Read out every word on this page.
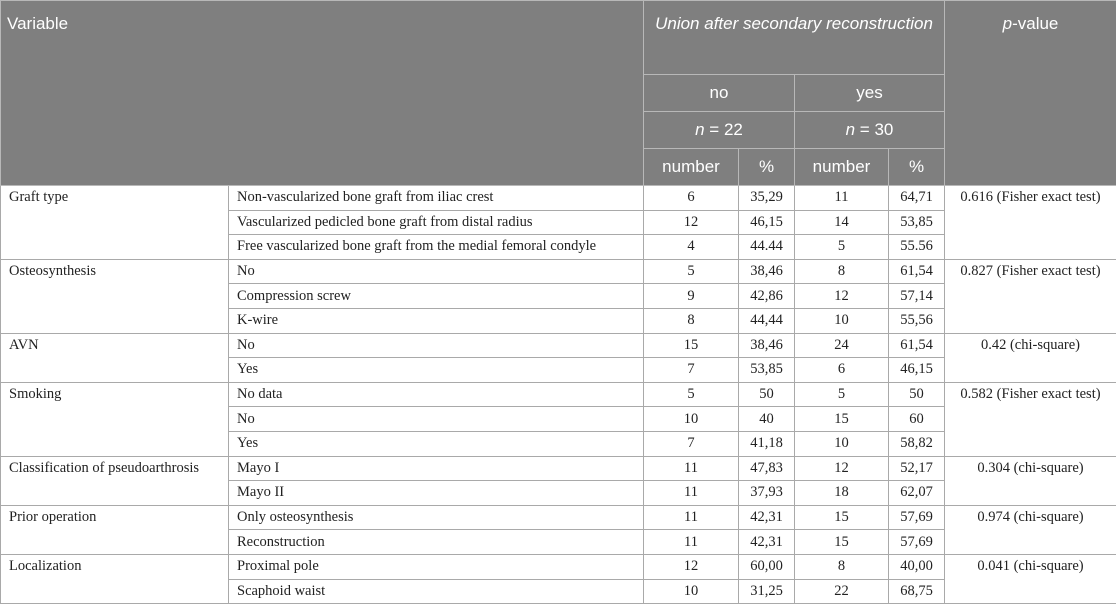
Variable		Union after secondary reconstruction				p-value
		no		yes		
		n = 22		n = 30		
		number	%	number	%	
Graft type	Non-vascularized bone graft from iliac crest	6	35,29	11	64,71	0.616 (Fisher exact test)
	Vascularized pedicled bone graft from distal radius	12	46,15	14	53,85	
	Free vascularized bone graft from the medial femoral condyle	4	44.44	5	55.56	
Osteosynthesis	No	5	38,46	8	61,54	0.827 (Fisher exact test)
	Compression screw	9	42,86	12	57,14	
	K-wire	8	44,44	10	55,56	
AVN	No	15	38,46	24	61,54	0.42 (chi-square)
	Yes	7	53,85	6	46,15	
Smoking	No data	5	50	5	50	0.582 (Fisher exact test)
	No	10	40	15	60	
	Yes	7	41,18	10	58,82	
Classification of pseudoarthrosis	Mayo I	11	47,83	12	52,17	0.304 (chi-square)
	Mayo II	11	37,93	18	62,07	
Prior operation	Only osteosynthesis	11	42,31	15	57,69	0.974 (chi-square)
	Reconstruction	11	42,31	15	57,69	
Localization	Proximal pole	12	60,00	8	40,00	0.041 (chi-square)
	Scaphoid waist	10	31,25	22	68,75	
